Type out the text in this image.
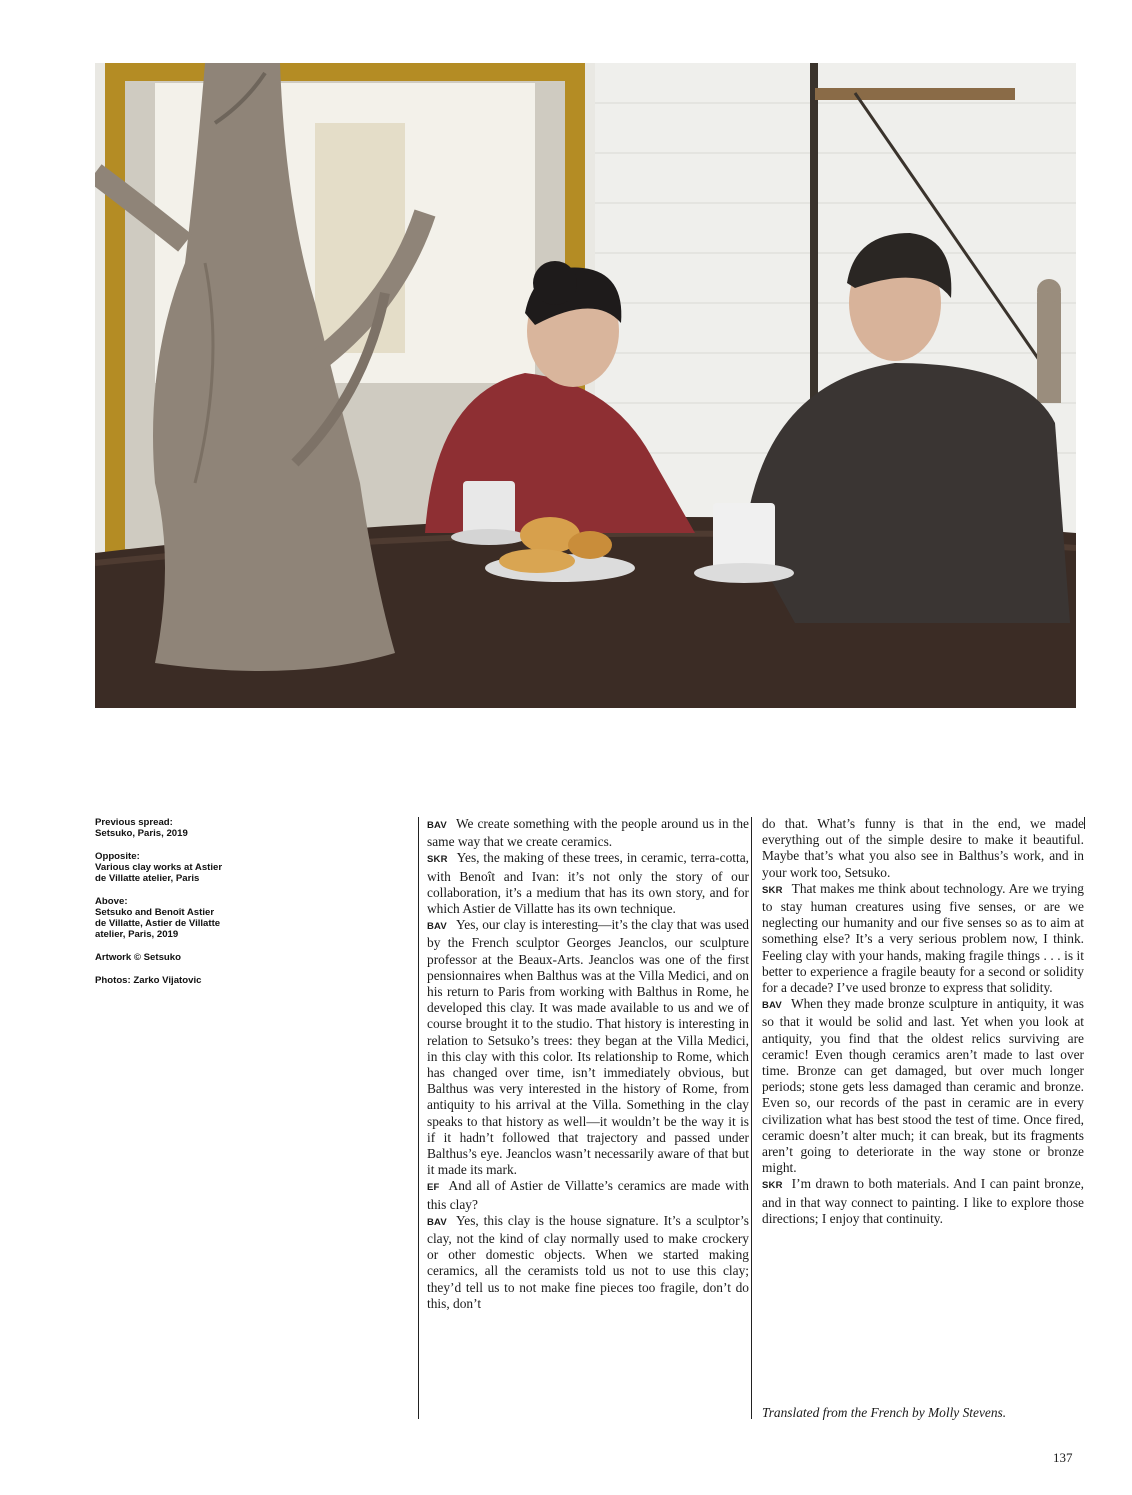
Previous spread:
Setsuko, Paris, 2019
Opposite:
Various clay works at Astier
de Villatte atelier, Paris
Above:
Setsuko and Benoît Astier
de Villatte, Astier de Villatte
atelier, Paris, 2019
Artwork © Setsuko
Photos: Zarko Vijatovic

BAV We create something with the people around us in the same way that we create ceramics.

SKR Yes, the making of these trees, in ceramic, terra-cotta, with Benoît and Ivan: it’s not only the story of our collaboration, it’s a medium that has its own story, and for which Astier de Villatte has its own technique.

BAV Yes, our clay is interesting—it’s the clay that was used by the French sculptor Georges Jeanclos, our sculpture professor at the Beaux-Arts. Jeanclos was one of the first pensionnaires when Balthus was at the Villa Medici, and on his return to Paris from working with Balthus in Rome, he developed this clay. It was made available to us and we of course brought it to the studio. That history is interesting in relation to Setsuko’s trees: they began at the Villa Medici, in this clay with this color. Its relationship to Rome, which has changed over time, isn’t immediately obvious, but Balthus was very interested in the history of Rome, from antiquity to his arrival at the Villa. Something in the clay speaks to that history as well—it wouldn’t be the way it is if it hadn’t followed that trajectory and passed under Balthus’s eye. Jeanclos wasn’t necessarily aware of that but it made its mark.

EF And all of Astier de Villatte’s ceramics are made with this clay?

BAV Yes, this clay is the house signature. It’s a sculptor’s clay, not the kind of clay normally used to make crockery or other domestic objects. When we started making ceramics, all the ceramists told us not to use this clay; they’d tell us to not make fine pieces too fragile, don’t do this, don’t

do that. What’s funny is that in the end, we made everything out of the simple desire to make it beautiful. Maybe that’s what you also see in Balthus’s work, and in your work too, Setsuko.

SKR That makes me think about technology. Are we trying to stay human creatures using five senses, or are we neglecting our humanity and our five senses so as to aim at something else? It’s a very serious problem now, I think. Feeling clay with your hands, making fragile things . . . is it better to experience a fragile beauty for a second or solidity for a decade? I’ve used bronze to express that solidity.

BAV When they made bronze sculpture in antiquity, it was so that it would be solid and last. Yet when you look at antiquity, you find that the oldest relics surviving are ceramic! Even though ceramics aren’t made to last over time. Bronze can get damaged, but over much longer periods; stone gets less damaged than ceramic and bronze. Even so, our records of the past in ceramic are in every civilization what has best stood the test of time. Once fired, ceramic doesn’t alter much; it can break, but its fragments aren’t going to deteriorate in the way stone or bronze might.

SKR I’m drawn to both materials. And I can paint bronze, and in that way connect to painting. I like to explore those directions; I enjoy that continuity.

Translated from the French by Molly Stevens.
137
